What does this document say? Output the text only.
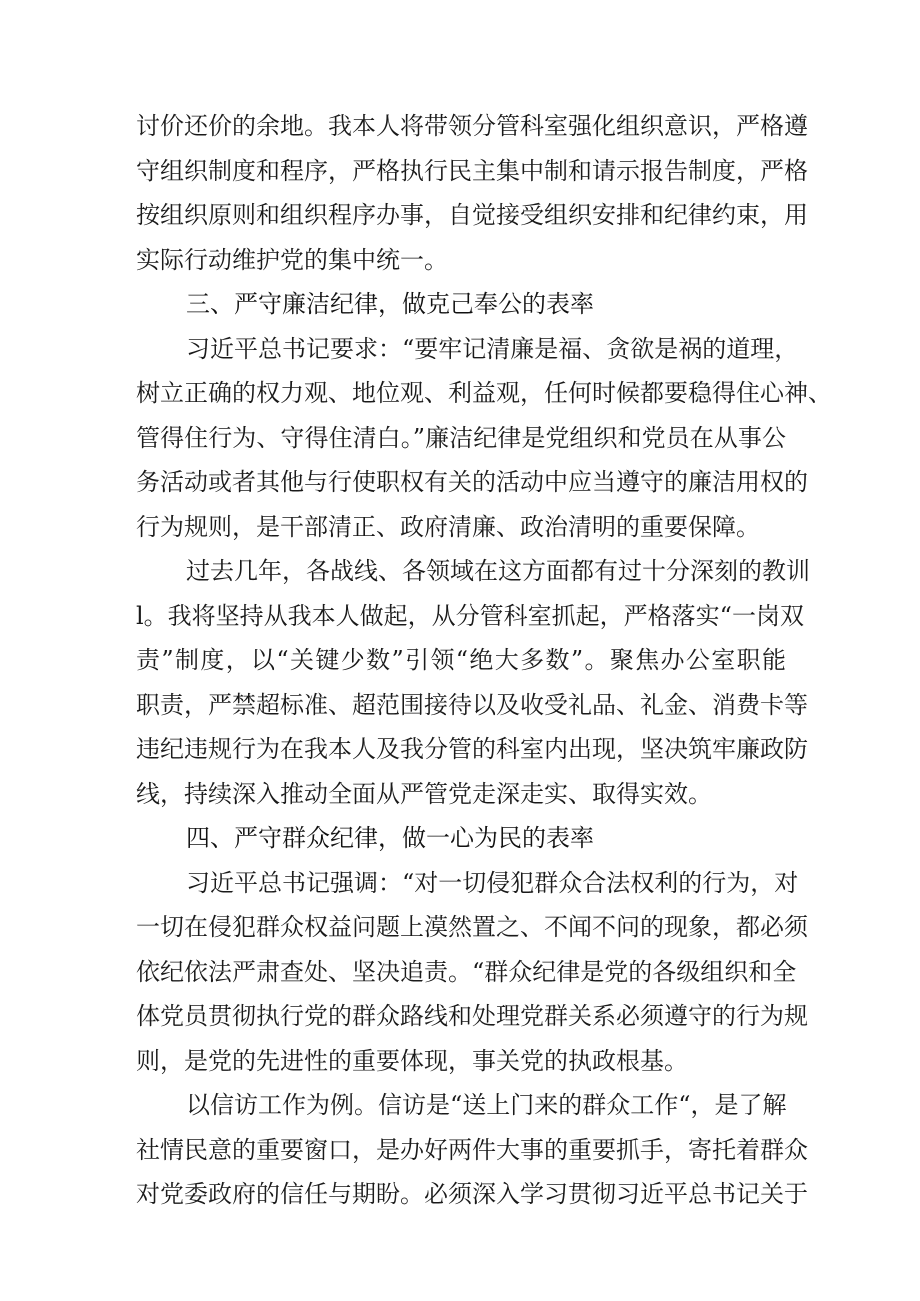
讨价还价的余地。我本人将带领分管科室强化组织意识，严格遵
守组织制度和程序，严格执行民主集中制和请示报告制度，严格
按组织原则和组织程序办事，自觉接受组织安排和纪律约束，用
实际行动维护党的集中统一。
三、严守廉洁纪律，做克己奉公的表率
习近平总书记要求：“要牢记清廉是福、贪欲是祸的道理，
树立正确的权力观、地位观、利益观，任何时候都要稳得住心神、
管得住行为、守得住清白。”廉洁纪律是党组织和党员在从事公
务活动或者其他与行使职权有关的活动中应当遵守的廉洁用权的
行为规则，是干部清正、政府清廉、政治清明的重要保障。
过去几年，各战线、各领域在这方面都有过十分深刻的教训
l。我将坚持从我本人做起，从分管科室抓起，严格落实“一岗双
责”制度，以“关键少数”引领“绝大多数”。聚焦办公室职能
职责，严禁超标准、超范围接待以及收受礼品、礼金、消费卡等
违纪违规行为在我本人及我分管的科室内出现，坚决筑牢廉政防
线，持续深入推动全面从严管党走深走实、取得实效。
四、严守群众纪律，做一心为民的表率
习近平总书记强调：“对一切侵犯群众合法权利的行为，对
一切在侵犯群众权益问题上漠然置之、不闻不问的现象，都必须
依纪依法严肃查处、坚决追责。“群众纪律是党的各级组织和全
体党员贯彻执行党的群众路线和处理党群关系必须遵守的行为规
则，是党的先进性的重要体现，事关党的执政根基。
以信访工作为例。信访是“送上门来的群众工作“，是了解
社情民意的重要窗口，是办好两件大事的重要抓手，寄托着群众
对党委政府的信任与期盼。必须深入学习贯彻习近平总书记关于
